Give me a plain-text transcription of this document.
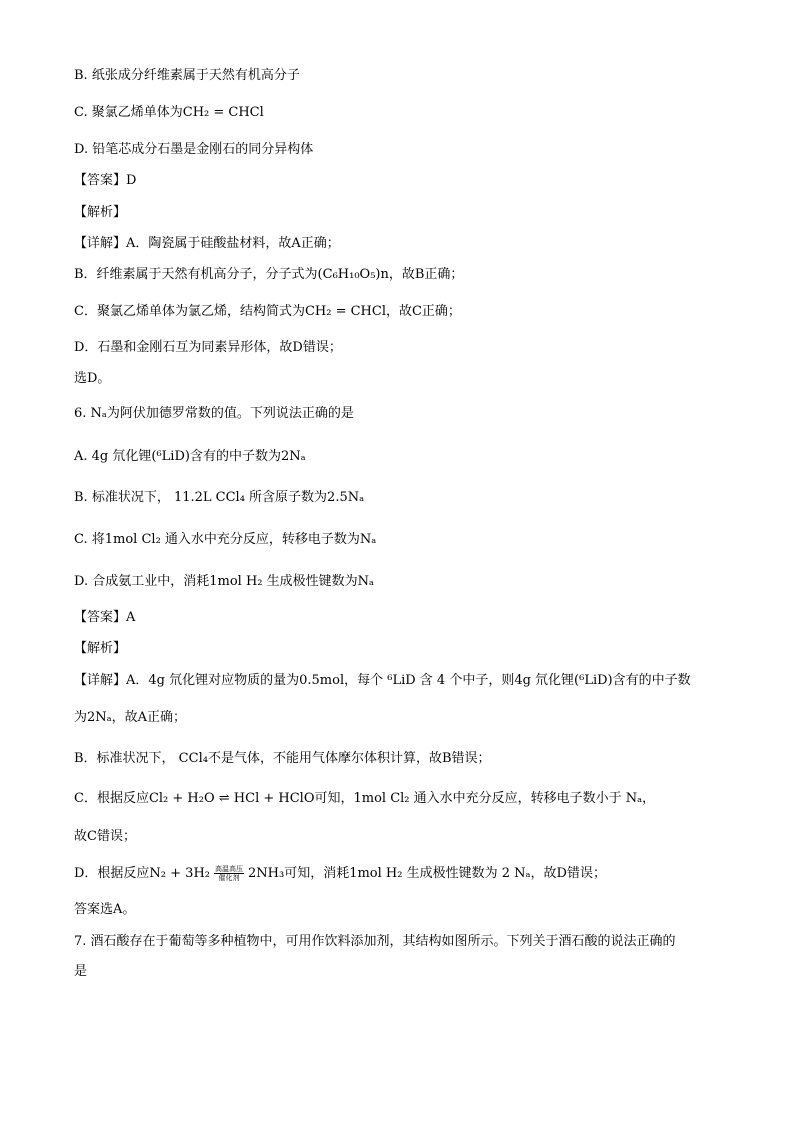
B. 纸张成分纤维素属于天然有机高分子
C. 聚氯乙烯单体为CH₂ = CHCl
D. 铅笔芯成分石墨是金刚石的同分异构体
【答案】D
【解析】
【详解】A．陶瓷属于硅酸盐材料，故A正确；
B．纤维素属于天然有机高分子，分子式为(C₆H₁₀O₅)n，故B正确；
C．聚氯乙烯单体为氯乙烯，结构简式为CH₂ = CHCl，故C正确；
D．石墨和金刚石互为同素异形体，故D错误；
选D。
6. Nₐ为阿伏加德罗常数的值。下列说法正确的是
A. 4g 氘化锂(⁶LiD)含有的中子数为2Nₐ
B. 标准状况下， 11.2L CCl₄ 所含原子数为2.5Nₐ
C. 将1mol Cl₂ 通入水中充分反应，转移电子数为Nₐ
D. 合成氨工业中，消耗1mol H₂ 生成极性键数为Nₐ
【答案】A
【解析】
【详解】A．4g 氘化锂对应物质的量为0.5mol，每个 ⁶LiD 含 4 个中子，则4g 氘化锂(⁶LiD)含有的中子数
为2Nₐ，故A正确；
B．标准状况下， CCl₄不是气体，不能用气体摩尔体积计算，故B错误；
C．根据反应Cl₂ + H₂O ⇌ HCl + HClO可知，1mol Cl₂ 通入水中充分反应，转移电子数小于 Nₐ，
故C错误；
D．根据反应N₂ + 3H₂ 高温高压
催化剂 2NH₃可知，消耗1mol H₂ 生成极性键数为 2 Nₐ，故D错误；
答案选A。
7. 酒石酸存在于葡萄等多种植物中，可用作饮料添加剂，其结构如图所示。下列关于酒石酸的说法正确的
是
